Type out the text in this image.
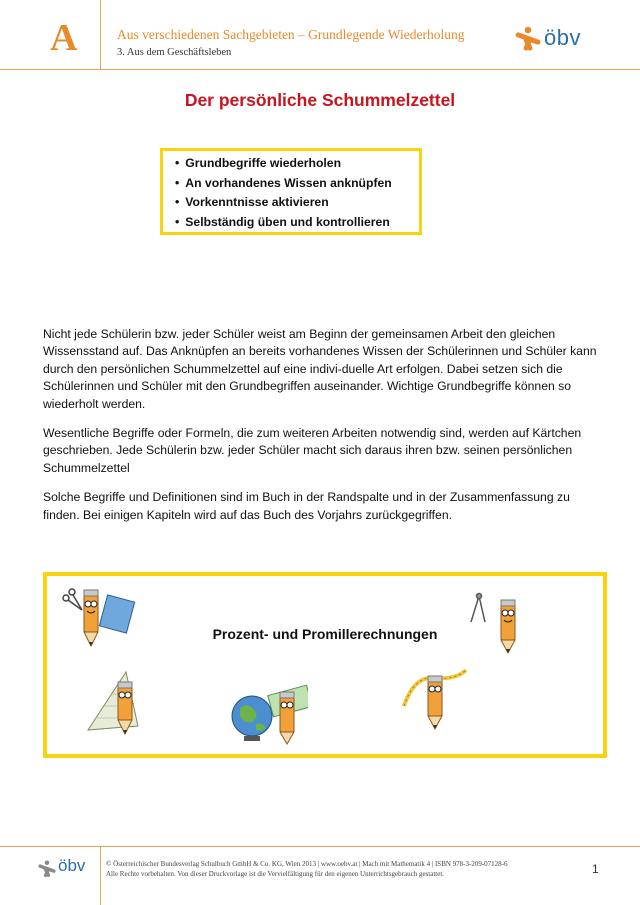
A	Aus verschiedenen Sachgebieten – Grundlegende Wiederholung
3. Aus dem Geschäftsleben
öbv
Der persönliche Schummelzettel
• Grundbegriffe wiederholen
• An vorhandenes Wissen anknüpfen
• Vorkenntnisse aktivieren
• Selbständig üben und kontrollieren

Nicht jede Schülerin bzw. jeder Schüler weist am Beginn der gemeinsamen Arbeit den gleichen Wissensstand auf. Das Anknüpfen an bereits vorhandenes Wissen der Schülerinnen und Schüler kann durch den persönlichen Schummelzettel auf eine indivi-duelle Art erfolgen. Dabei setzen sich die Schülerinnen und Schüler mit den Grundbegriffen auseinander. Wichtige Grundbegriffe können so wiederholt werden.

Wesentliche Begriffe oder Formeln, die zum weiteren Arbeiten notwendig sind, werden auf Kärtchen geschrieben. Jede Schülerin bzw. jeder Schüler macht sich daraus ihren bzw. seinen persönlichen Schummelzettel

Solche Begriffe und Definitionen sind im Buch in der Randspalte und in der Zusammenfassung zu finden. Bei einigen Kapiteln wird auf das Buch des Vorjahrs zurückgegriffen.

Prozent- und Promillerechnungen
öbv	© Österreichischer Bundesverlag Schulbuch GmbH & Co. KG, Wien 2013 | www.oebv.at | Mach mit Mathematik 4 | ISBN 978-3-209-07128-6
Alle Rechte vorbehalten. Von dieser Druckvorlage ist die Vervielfältigung für den eigenen Unterrichtsgebrauch gestattet.	1
